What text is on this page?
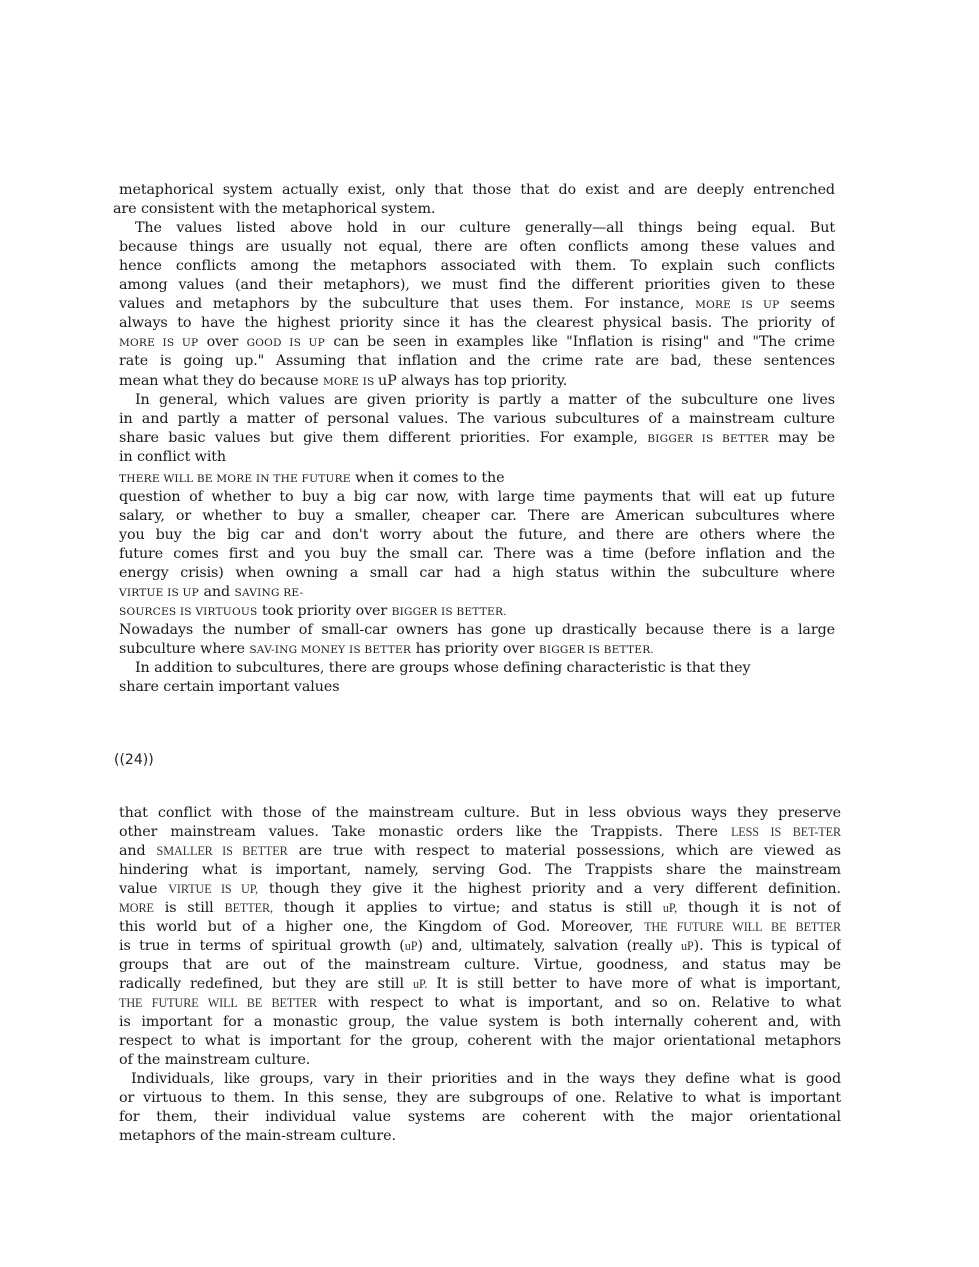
metaphorical system actually exist, only that those that do exist and are deeply entrenched
are consistent with the metaphorical system.
The values listed above hold in our culture generally—all things being equal. But
because things are usually not equal, there are often conflicts among these values and
hence conflicts among the metaphors associated with them. To explain such conflicts
among values (and their metaphors), we must find the different priorities given to these
values and metaphors by the subculture that uses them. For instance, MORE IS UP seems
always to have the highest priority since it has the clearest physical basis. The priority of
MORE IS UP over GOOD IS UP can be seen in examples like "Inflation is rising" and "The crime
rate is going up." Assuming that inflation and the crime rate are bad, these sentences
mean what they do because MORE IS uP always has top priority.
In general, which values are given priority is partly a matter of the subculture one lives
in and partly a matter of personal values. The various subcultures of a mainstream culture
share basic values but give them different priorities. For example, BIGGER IS BETTER may be
in conflict with
THERE WILL BE MORE IN THE FUTURE when it comes to the
question of whether to buy a big car now, with large time payments that will eat up future
salary, or whether to buy a smaller, cheaper car. There are American subcultures where
you buy the big car and don't worry about the future, and there are others where the
future comes first and you buy the small car. There was a time (before inflation and the
energy crisis) when owning a small car had a high status within the subculture where
VIRTUE IS UP and SAVING RE-
SOURCES IS VIRTUOUS took priority over BIGGER IS BETTER.
Nowadays the number of small-car owners has gone up drastically because there is a large
subculture where SAV-ING MONEY IS BETTER has priority over BIGGER IS BETTER.
In addition to subcultures, there are groups whose defining characteristic is that they
share certain important values
((24))
that conflict with those of the mainstream culture. But in less obvious ways they preserve
other mainstream values. Take monastic orders like the Trappists. There LESS IS BET-TER
and SMALLER IS BETTER are true with respect to material possessions, which are viewed as
hindering what is important, namely, serving God. The Trappists share the mainstream
value VIRTUE IS UP, though they give it the highest priority and a very different definition.
MORE is still BETTER, though it applies to virtue; and status is still uP, though it is not of
this world but of a higher one, the Kingdom of God. Moreover, THE FUTURE WILL BE BETTER
is true in terms of spiritual growth (uP) and, ultimately, salvation (really uP). This is typical of
groups that are out of the mainstream culture. Virtue, goodness, and status may be
radically redefined, but they are still uP. It is still better to have more of what is important,
THE FUTURE WILL BE BETTER with respect to what is important, and so on. Relative to what
is important for a monastic group, the value system is both internally coherent and, with
respect to what is important for the group, coherent with the major orientational metaphors
of the mainstream culture.
Individuals, like groups, vary in their priorities and in the ways they define what is good
or virtuous to them. In this sense, they are subgroups of one. Relative to what is important
for them, their individual value systems are coherent with the major orientational
metaphors of the main-stream culture.
